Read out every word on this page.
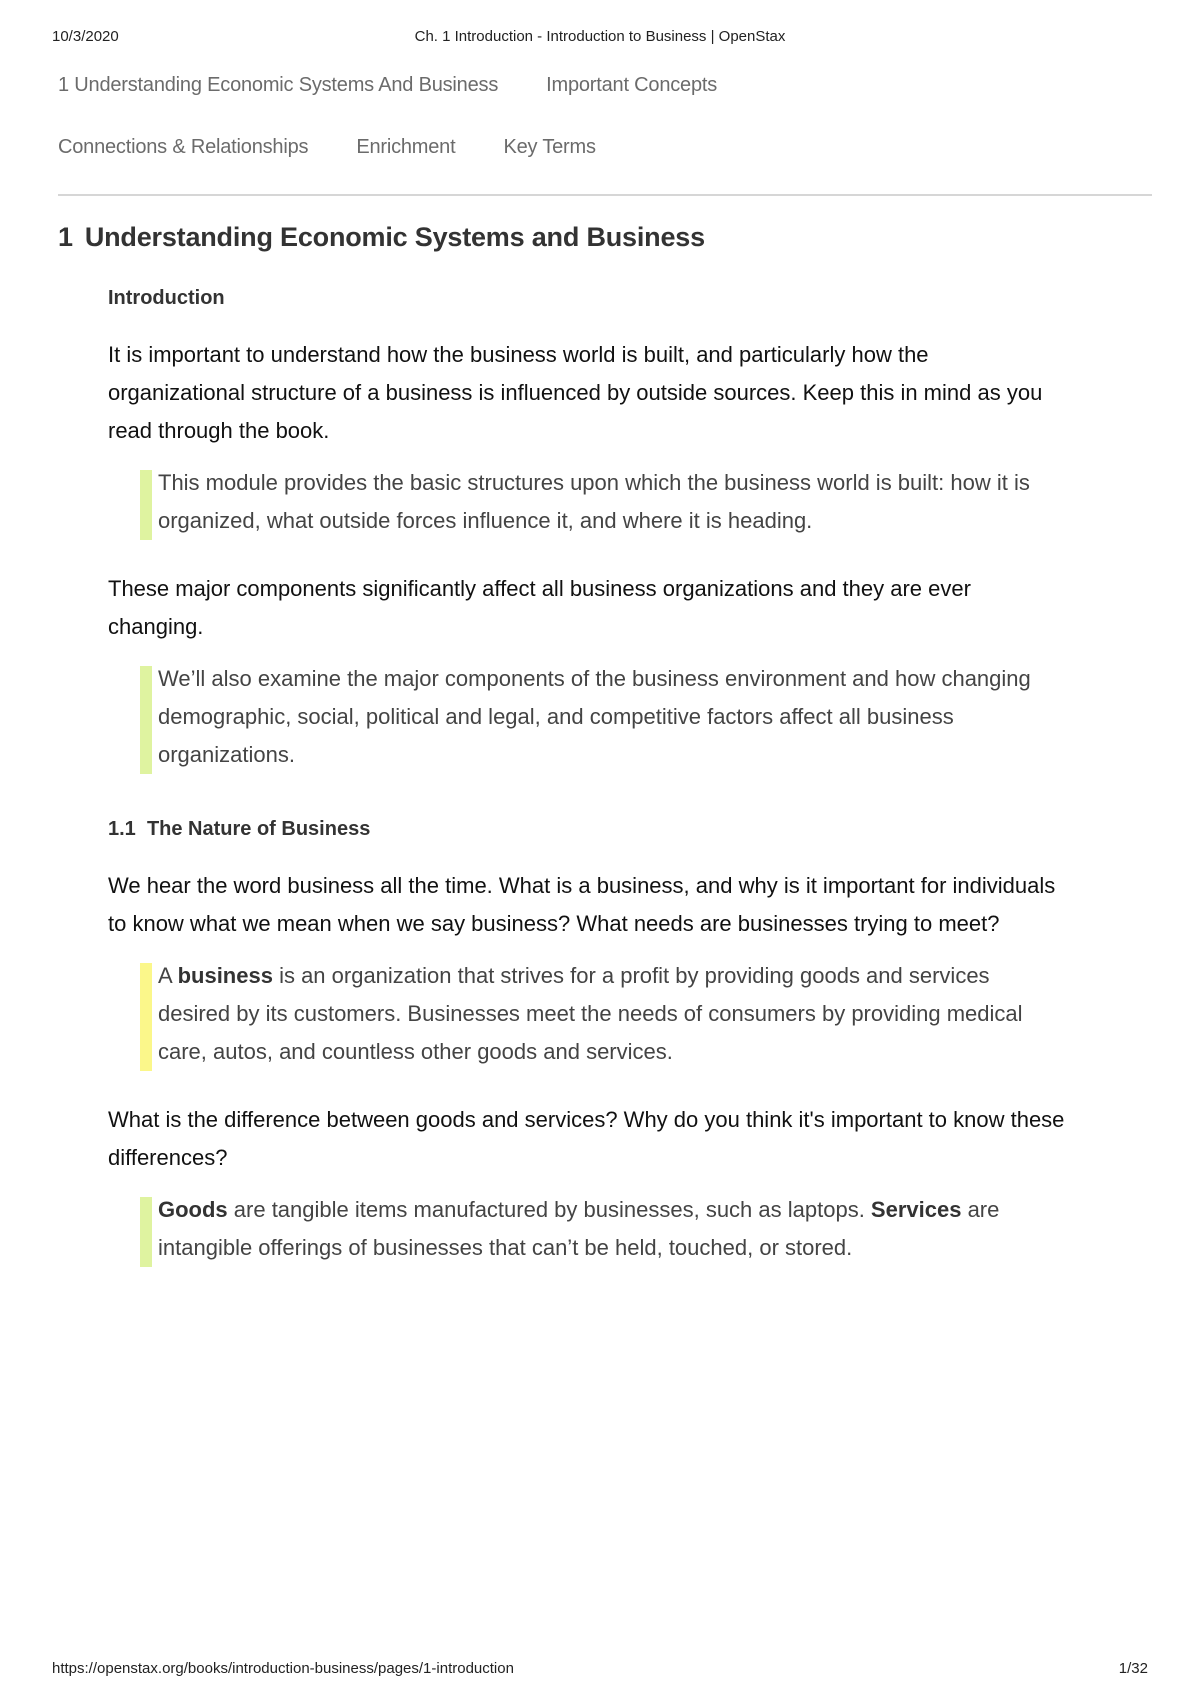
10/3/2020	Ch. 1 Introduction - Introduction to Business | OpenStax
1 Understanding Economic Systems And Business Important Concepts
Connections & Relationships Enrichment Key Terms
1 Understanding Economic Systems and Business
Introduction

It is important to understand how the business world is built, and particularly how the organizational structure of a business is influenced by outside sources. Keep this in mind as you read through the book.

This module provides the basic structures upon which the business world is built: how it is organized, what outside forces influence it, and where it is heading.

These major components significantly affect all business organizations and they are ever changing.

We’ll also examine the major components of the business environment and how changing demographic, social, political and legal, and competitive factors affect all business organizations.
1.1 The Nature of Business

We hear the word business all the time. What is a business, and why is it important for individuals to know what we mean when we say business? What needs are businesses trying to meet?

A business is an organization that strives for a profit by providing goods and services desired by its customers. Businesses meet the needs of consumers by providing medical care, autos, and countless other goods and services.

What is the difference between goods and services? Why do you think it's important to know these differences?

Goods are tangible items manufactured by businesses, such as laptops. Services are intangible offerings of businesses that can’t be held, touched, or stored.
https://openstax.org/books/introduction-business/pages/1-introduction	1/32
